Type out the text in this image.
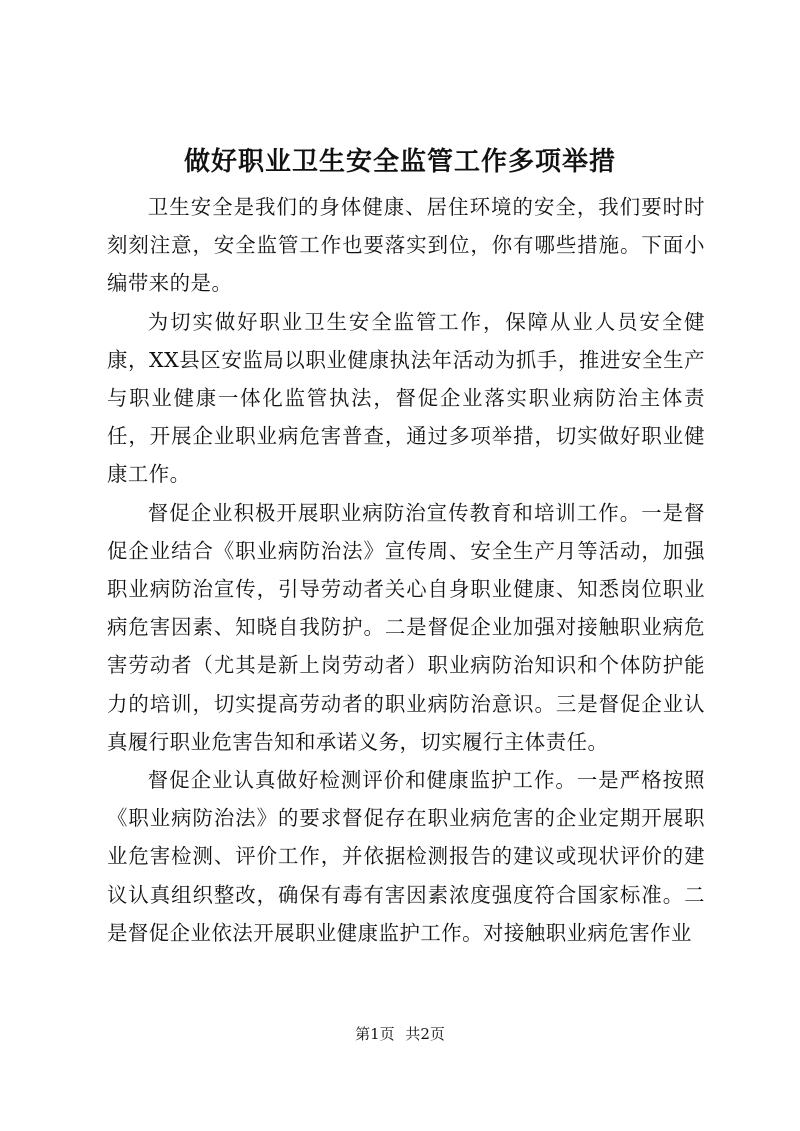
做好职业卫生安全监管工作多项举措

卫生安全是我们的身体健康、居住环境的安全，我们要时时刻刻注意，安全监管工作也要落实到位，你有哪些措施。下面小编带来的是。

为切实做好职业卫生安全监管工作，保障从业人员安全健康，XX县区安监局以职业健康执法年活动为抓手，推进安全生产与职业健康一体化监管执法，督促企业落实职业病防治主体责任，开展企业职业病危害普查，通过多项举措，切实做好职业健康工作。

督促企业积极开展职业病防治宣传教育和培训工作。一是督促企业结合《职业病防治法》宣传周、安全生产月等活动，加强职业病防治宣传，引导劳动者关心自身职业健康、知悉岗位职业病危害因素、知晓自我防护。二是督促企业加强对接触职业病危害劳动者（尤其是新上岗劳动者）职业病防治知识和个体防护能力的培训，切实提高劳动者的职业病防治意识。三是督促企业认真履行职业危害告知和承诺义务，切实履行主体责任。

督促企业认真做好检测评价和健康监护工作。一是严格按照《职业病防治法》的要求督促存在职业病危害的企业定期开展职业危害检测、评价工作，并依据检测报告的建议或现状评价的建议认真组织整改，确保有毒有害因素浓度强度符合国家标准。二是督促企业依法开展职业健康监护工作。对接触职业病危害作业

第1页 共2页
